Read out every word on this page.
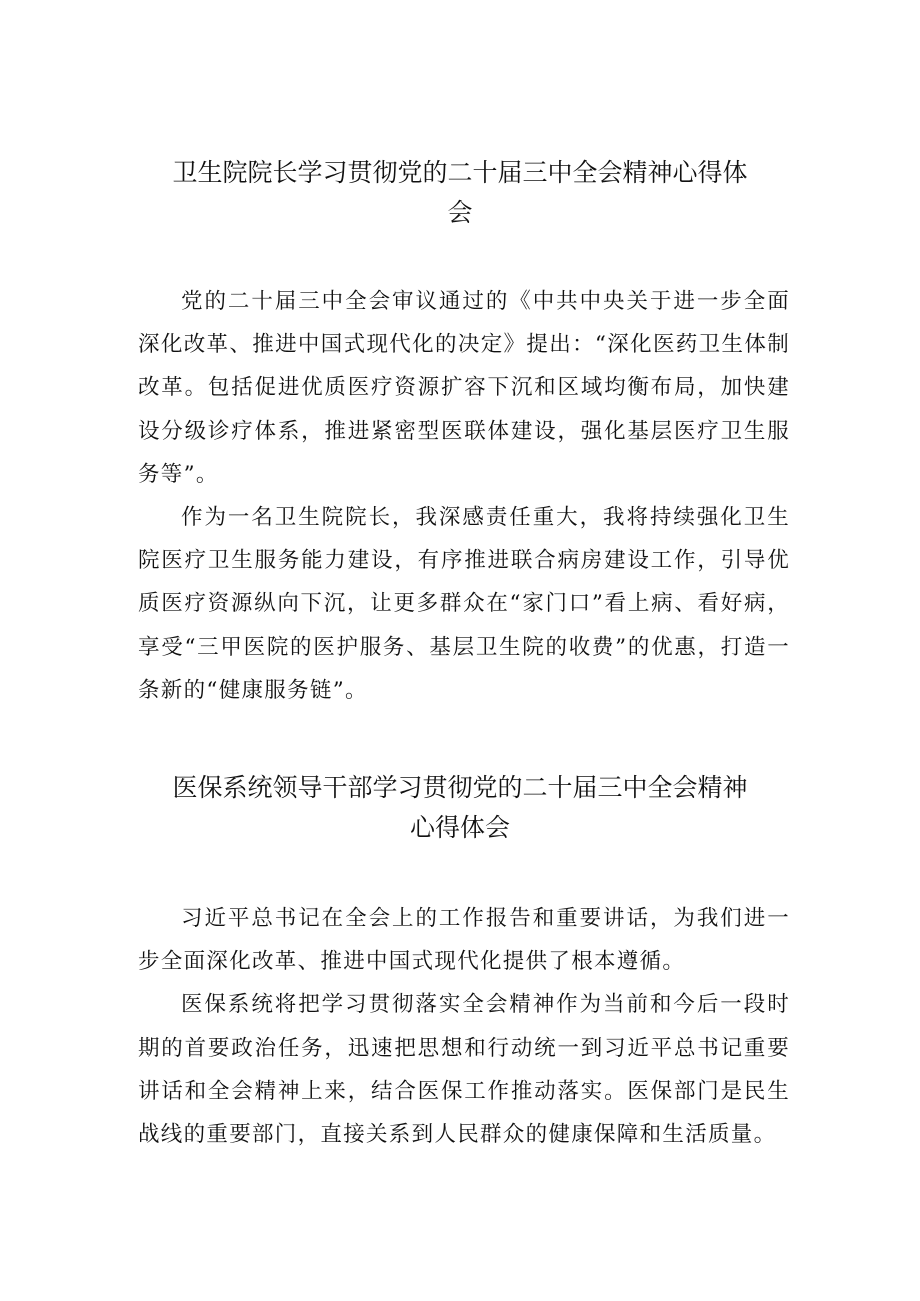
卫生院院长学习贯彻党的二十届三中全会精神心得体
会

党的二十届三中全会审议通过的《中共中央关于进一步全面深化改革、推进中国式现代化的决定》提出：“深化医药卫生体制改革。包括促进优质医疗资源扩容下沉和区域均衡布局，加快建设分级诊疗体系，推进紧密型医联体建设，强化基层医疗卫生服务等”。

作为一名卫生院院长，我深感责任重大，我将持续强化卫生院医疗卫生服务能力建设，有序推进联合病房建设工作，引导优质医疗资源纵向下沉，让更多群众在“家门口”看上病、看好病，享受“三甲医院的医护服务、基层卫生院的收费”的优惠，打造一条新的“健康服务链”。

医保系统领导干部学习贯彻党的二十届三中全会精神
心得体会

习近平总书记在全会上的工作报告和重要讲话，为我们进一步全面深化改革、推进中国式现代化提供了根本遵循。

医保系统将把学习贯彻落实全会精神作为当前和今后一段时期的首要政治任务，迅速把思想和行动统一到习近平总书记重要讲话和全会精神上来，结合医保工作推动落实。医保部门是民生战线的重要部门，直接关系到人民群众的健康保障和生活质量。
